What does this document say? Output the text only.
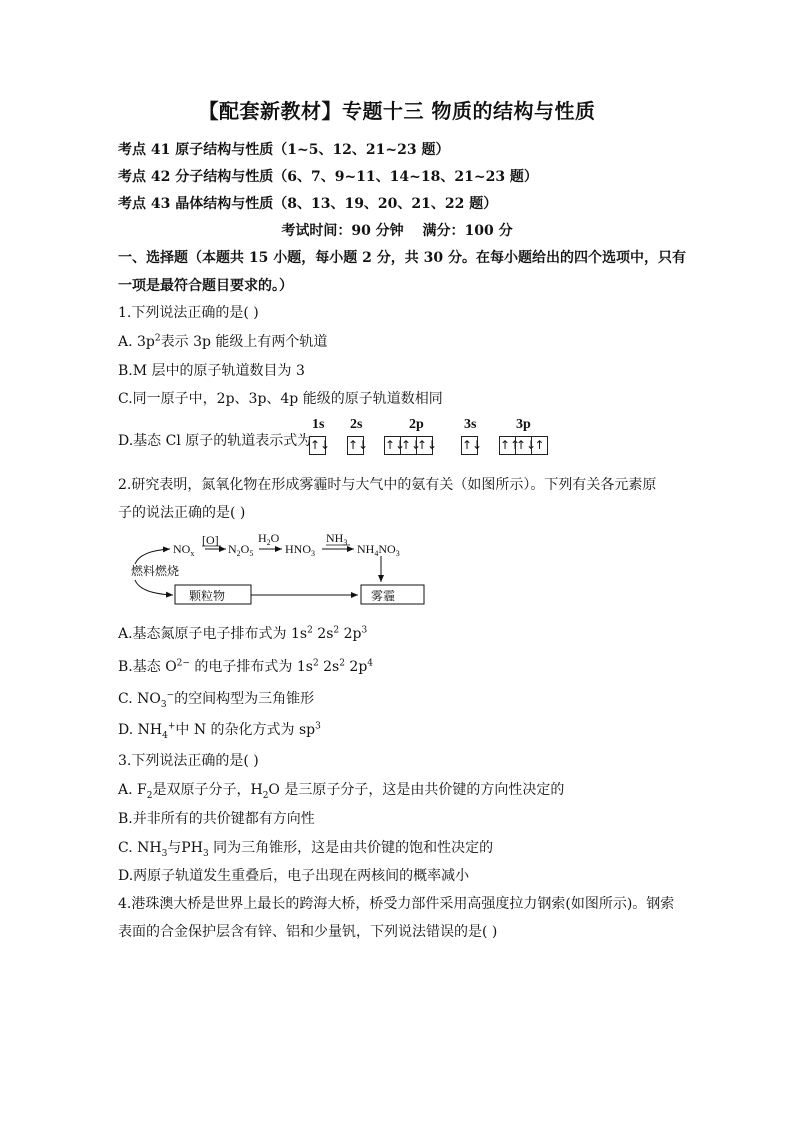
【配套新教材】专题十三 物质的结构与性质
考点 41 原子结构与性质（1~5、12、21~23 题）
考点 42 分子结构与性质（6、7、9~11、14~18、21~23 题）
考点 43 晶体结构与性质（8、13、19、20、21、22 题）
考试时间：90 分钟　 满分：100 分
一、选择题（本题共 15 小题，每小题 2 分，共 30 分。在每小题给出的四个选项中，只有
一项是最符合题目要求的。）
1.下列说法正确的是( )
A. $3p^2$表示 3p 能级上有两个轨道
B.M 层中的原子轨道数目为 3
C.同一原子中，2p、3p、4p 能级的原子轨道数相同
D.基态 Cl 原子的轨道表示式为
1s
↑↓
2s
↑↓
2p
↑↓
↑↓
↑↓
3s
↑↓
3p
↑↑
↑↓
↑
2.研究表明，氮氧化物在形成雾霾时与大气中的氨有关（如图所示）。下列有关各元素原
子的说法正确的是( )
$NO_x$
[O]
$N_2O_5$
$H_2O$
$HNO_3$
$NH_3$ $NH_4NO_3$
燃料燃烧
颗粒物	雾霾
A.基态氮原子电子排布式为 $1s^2$ $2s^2$ $2p^3$
B.基态 $O^{2-}$ 的电子排布式为 $1s^2$ $2s^2$ $2p^4$
C. $NO_3^-$的空间构型为三角锥形
D. $NH_4^+$中 N 的杂化方式为 $sp^3$
3.下列说法正确的是( )
A. $F_2$是双原子分子，$H_2O$ 是三原子分子，这是由共价键的方向性决定的
B.并非所有的共价键都有方向性
C. $NH_3$与$PH_3$ 同为三角锥形，这是由共价键的饱和性决定的
D.两原子轨道发生重叠后，电子出现在两核间的概率减小
4.港珠澳大桥是世界上最长的跨海大桥，桥受力部件采用高强度拉力钢索(如图所示)。钢索
表面的合金保护层含有锌、铝和少量钒，下列说法错误的是( )
